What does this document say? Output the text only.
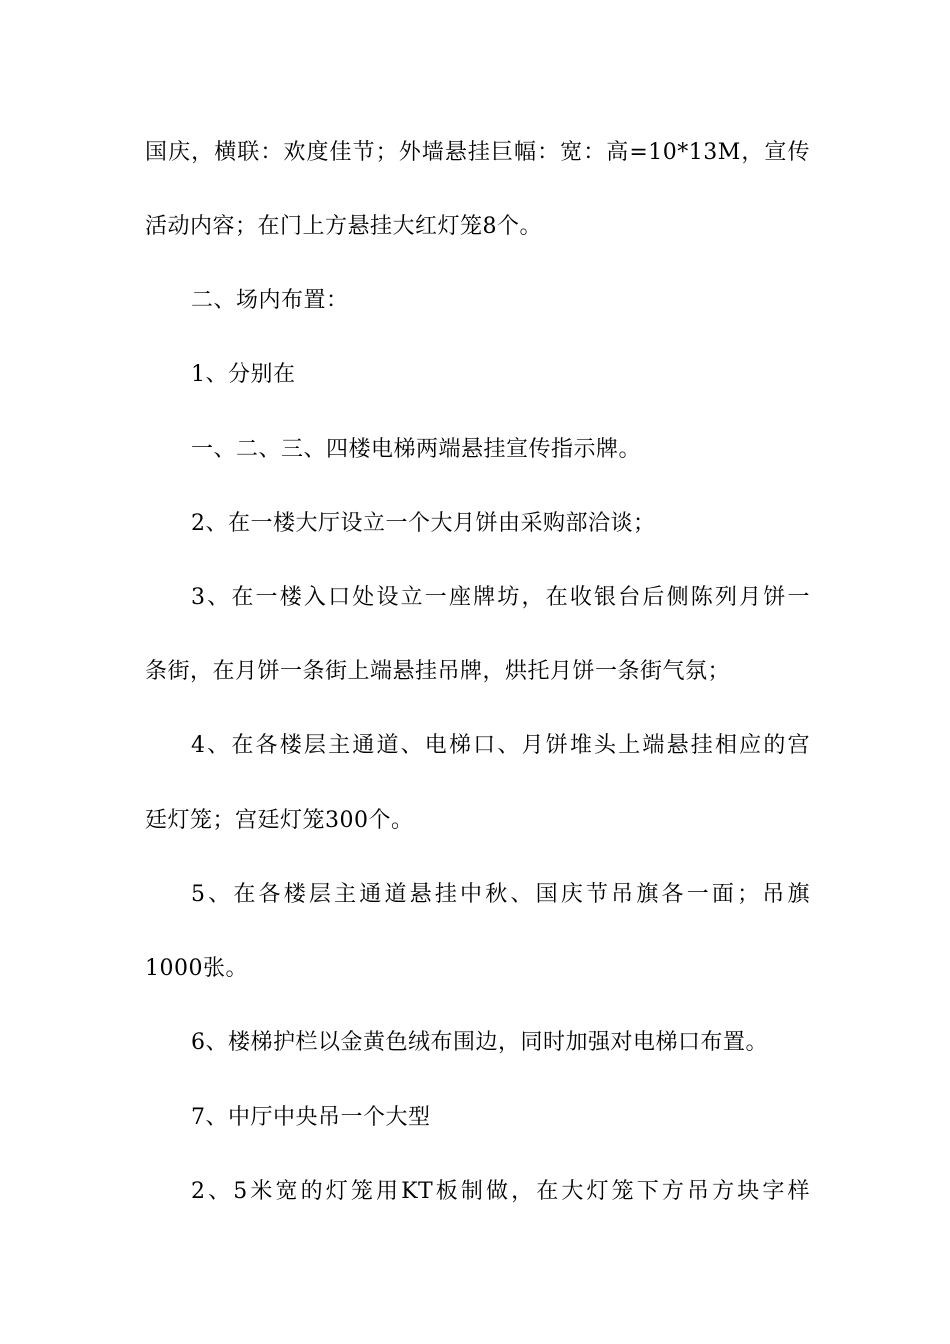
国庆，横联：欢度佳节；外墙悬挂巨幅：宽：高=10*13M，宣传
活动内容；在门上方悬挂大红灯笼8个。
二、场内布置：
1、分别在
一、二、三、四楼电梯两端悬挂宣传指示牌。
2、在一楼大厅设立一个大月饼由采购部洽谈；
3、在一楼入口处设立一座牌坊，在收银台后侧陈列月饼一
条街，在月饼一条街上端悬挂吊牌，烘托月饼一条街气氛；
4、在各楼层主通道、电梯口、月饼堆头上端悬挂相应的宫
廷灯笼；宫廷灯笼300个。
5、在各楼层主通道悬挂中秋、国庆节吊旗各一面；吊旗
1000张。
6、楼梯护栏以金黄色绒布围边，同时加强对电梯口布置。
7、中厅中央吊一个大型
2、5米宽的灯笼用KT板制做，在大灯笼下方吊方块字样
